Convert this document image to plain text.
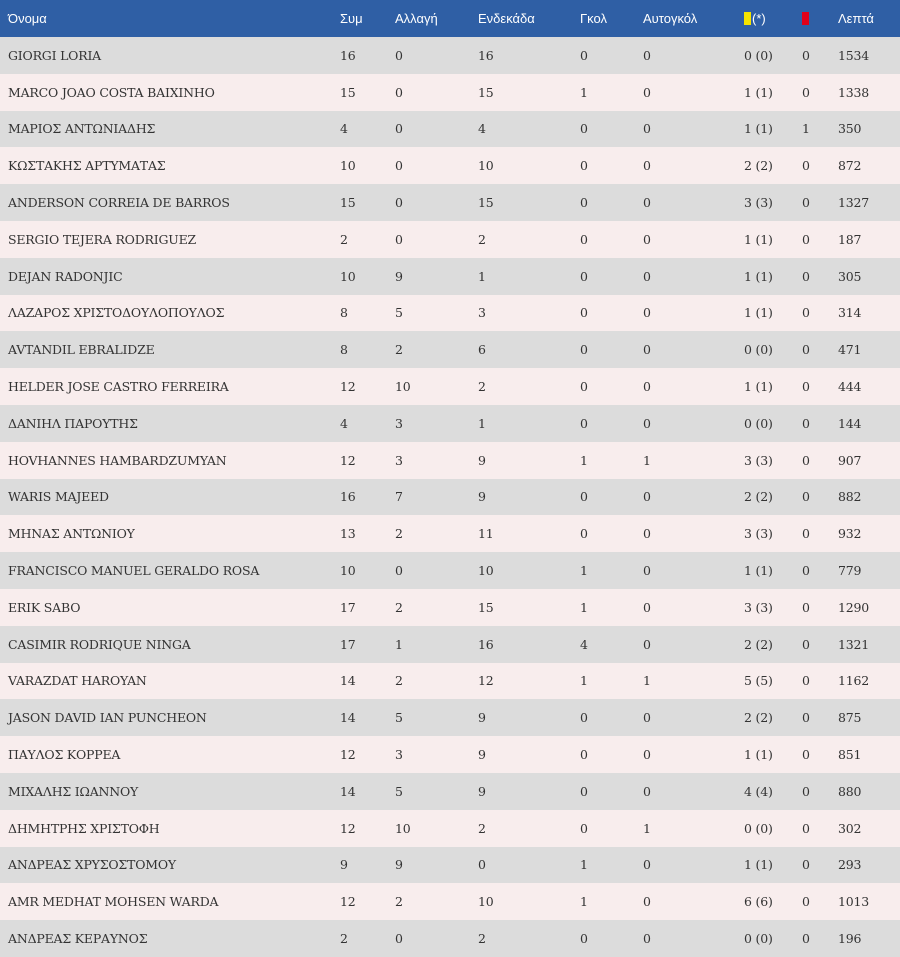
Όνομα	Συμ	Αλλαγή	Ενδεκάδα	Γκολ	Αυτογκόλ	(*)		Λεπτά
GIORGI LORIA	16	0	16	0	0	0 (0)	0	1534
MARCO JOAO COSTA BAIXINHO	15	0	15	1	0	1 (1)	0	1338
ΜΑΡΙΟΣ ΑΝΤΩΝΙΑΔΗΣ	4	0	4	0	0	1 (1)	1	350
ΚΩΣΤΑΚΗΣ ΑΡΤΥΜΑΤΑΣ	10	0	10	0	0	2 (2)	0	872
ANDERSON CORREIA DE BARROS	15	0	15	0	0	3 (3)	0	1327
SERGIO TEJERA RODRIGUEZ	2	0	2	0	0	1 (1)	0	187
DEJAN RADONJIC	10	9	1	0	0	1 (1)	0	305
ΛΑΖΑΡΟΣ ΧΡΙΣΤΟΔΟΥΛΟΠΟΥΛΟΣ	8	5	3	0	0	1 (1)	0	314
AVTANDIL EBRALIDZE	8	2	6	0	0	0 (0)	0	471
HELDER JOSE CASTRO FERREIRA	12	10	2	0	0	1 (1)	0	444
ΔΑΝΙΗΛ ΠΑΡΟΥΤΗΣ	4	3	1	0	0	0 (0)	0	144
HOVHANNES HAMBARDZUMYAN	12	3	9	1	1	3 (3)	0	907
WARIS MAJEED	16	7	9	0	0	2 (2)	0	882
ΜΗΝΑΣ ΑΝΤΩΝΙΟΥ	13	2	11	0	0	3 (3)	0	932
FRANCISCO MANUEL GERALDO ROSA	10	0	10	1	0	1 (1)	0	779
ERIK SABO	17	2	15	1	0	3 (3)	0	1290
CASIMIR RODRIQUE NINGA	17	1	16	4	0	2 (2)	0	1321
VARAZDAT HAROYAN	14	2	12	1	1	5 (5)	0	1162
JASON DAVID IAN PUNCHEON	14	5	9	0	0	2 (2)	0	875
ΠΑΥΛΟΣ ΚΟΡΡΕΑ	12	3	9	0	0	1 (1)	0	851
ΜΙΧΑΛΗΣ ΙΩΑΝΝΟΥ	14	5	9	0	0	4 (4)	0	880
ΔΗΜΗΤΡΗΣ ΧΡΙΣΤΟΦΗ	12	10	2	0	1	0 (0)	0	302
ΑΝΔΡΕΑΣ ΧΡΥΣΟΣΤΟΜΟΥ	9	9	0	1	0	1 (1)	0	293
AMR MEDHAT MOHSEN WARDA	12	2	10	1	0	6 (6)	0	1013
ΑΝΔΡΕΑΣ ΚΕΡΑΥΝΟΣ	2	0	2	0	0	0 (0)	0	196
